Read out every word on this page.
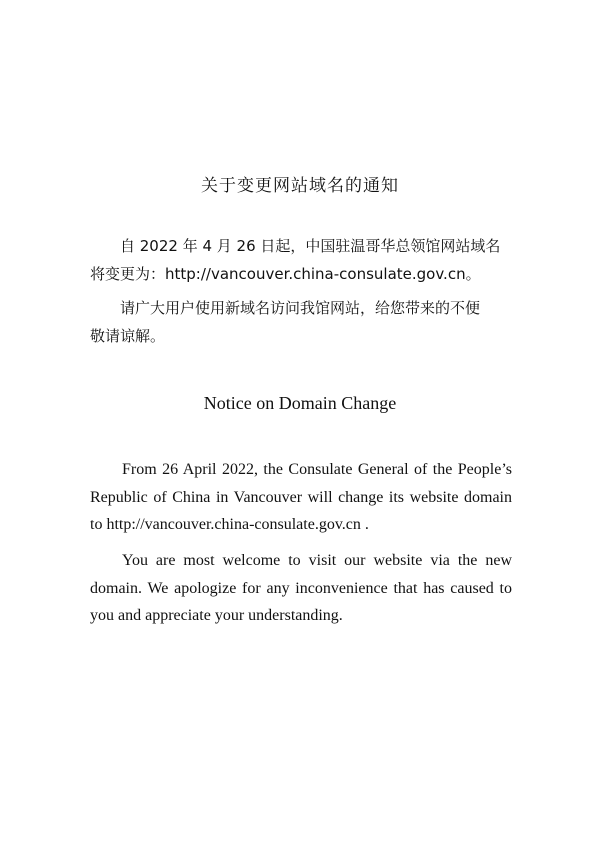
关于变更网站域名的通知
自 2022 年 4 月 26 日起，中国驻温哥华总领馆网站域名
将变更为：http://vancouver.china-consulate.gov.cn。
请广大用户使用新域名访问我馆网站，给您带来的不便
敬请谅解。
Notice on Domain Change
From 26 April 2022, the Consulate General of the People’s
Republic of China in Vancouver will change its website domain
to http://vancouver.china-consulate.gov.cn .
You are most welcome to visit our website via the new
domain. We apologize for any inconvenience that has caused to
you and appreciate your understanding.
